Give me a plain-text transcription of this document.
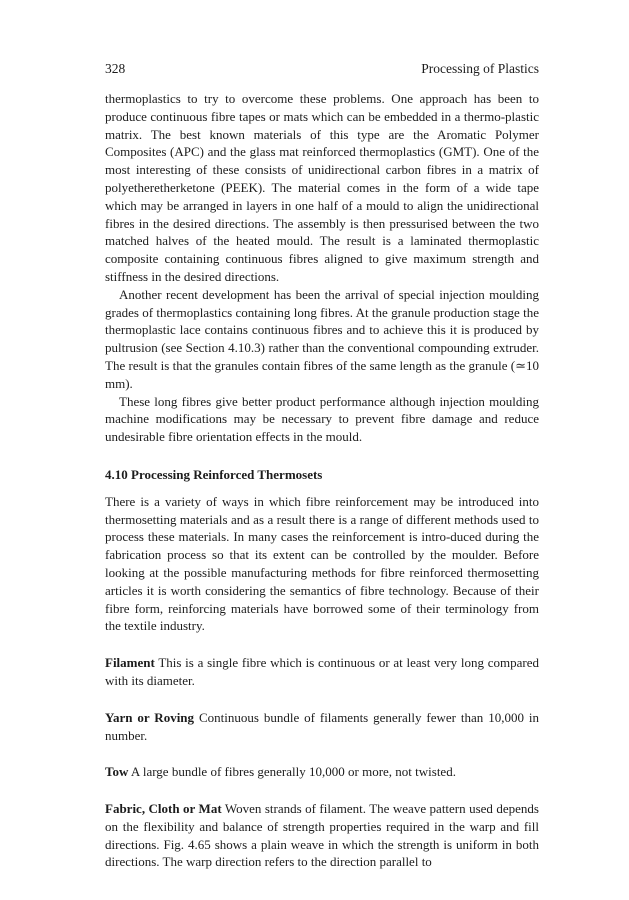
328	Processing of Plastics

thermoplastics to try to overcome these problems. One approach has been to produce continuous fibre tapes or mats which can be embedded in a thermo-plastic matrix. The best known materials of this type are the Aromatic Polymer Composites (APC) and the glass mat reinforced thermoplastics (GMT). One of the most interesting of these consists of unidirectional carbon fibres in a matrix of polyetheretherketone (PEEK). The material comes in the form of a wide tape which may be arranged in layers in one half of a mould to align the unidirectional fibres in the desired directions. The assembly is then pressurised between the two matched halves of the heated mould. The result is a laminated thermoplastic composite containing continuous fibres aligned to give maximum strength and stiffness in the desired directions.

Another recent development has been the arrival of special injection moulding grades of thermoplastics containing long fibres. At the granule production stage the thermoplastic lace contains continuous fibres and to achieve this it is produced by pultrusion (see Section 4.10.3) rather than the conventional compounding extruder. The result is that the granules contain fibres of the same length as the granule (≃10 mm).

These long fibres give better product performance although injection moulding machine modifications may be necessary to prevent fibre damage and reduce undesirable fibre orientation effects in the mould.

4.10 Processing Reinforced Thermosets

There is a variety of ways in which fibre reinforcement may be introduced into thermosetting materials and as a result there is a range of different methods used to process these materials. In many cases the reinforcement is intro-duced during the fabrication process so that its extent can be controlled by the moulder. Before looking at the possible manufacturing methods for fibre reinforced thermosetting articles it is worth considering the semantics of fibre technology. Because of their fibre form, reinforcing materials have borrowed some of their terminology from the textile industry.

Filament This is a single fibre which is continuous or at least very long compared with its diameter.

Yarn or Roving Continuous bundle of filaments generally fewer than 10,000 in number.

Tow A large bundle of fibres generally 10,000 or more, not twisted.

Fabric, Cloth or Mat Woven strands of filament. The weave pattern used depends on the flexibility and balance of strength properties required in the warp and fill directions. Fig. 4.65 shows a plain weave in which the strength is uniform in both directions. The warp direction refers to the direction parallel to
